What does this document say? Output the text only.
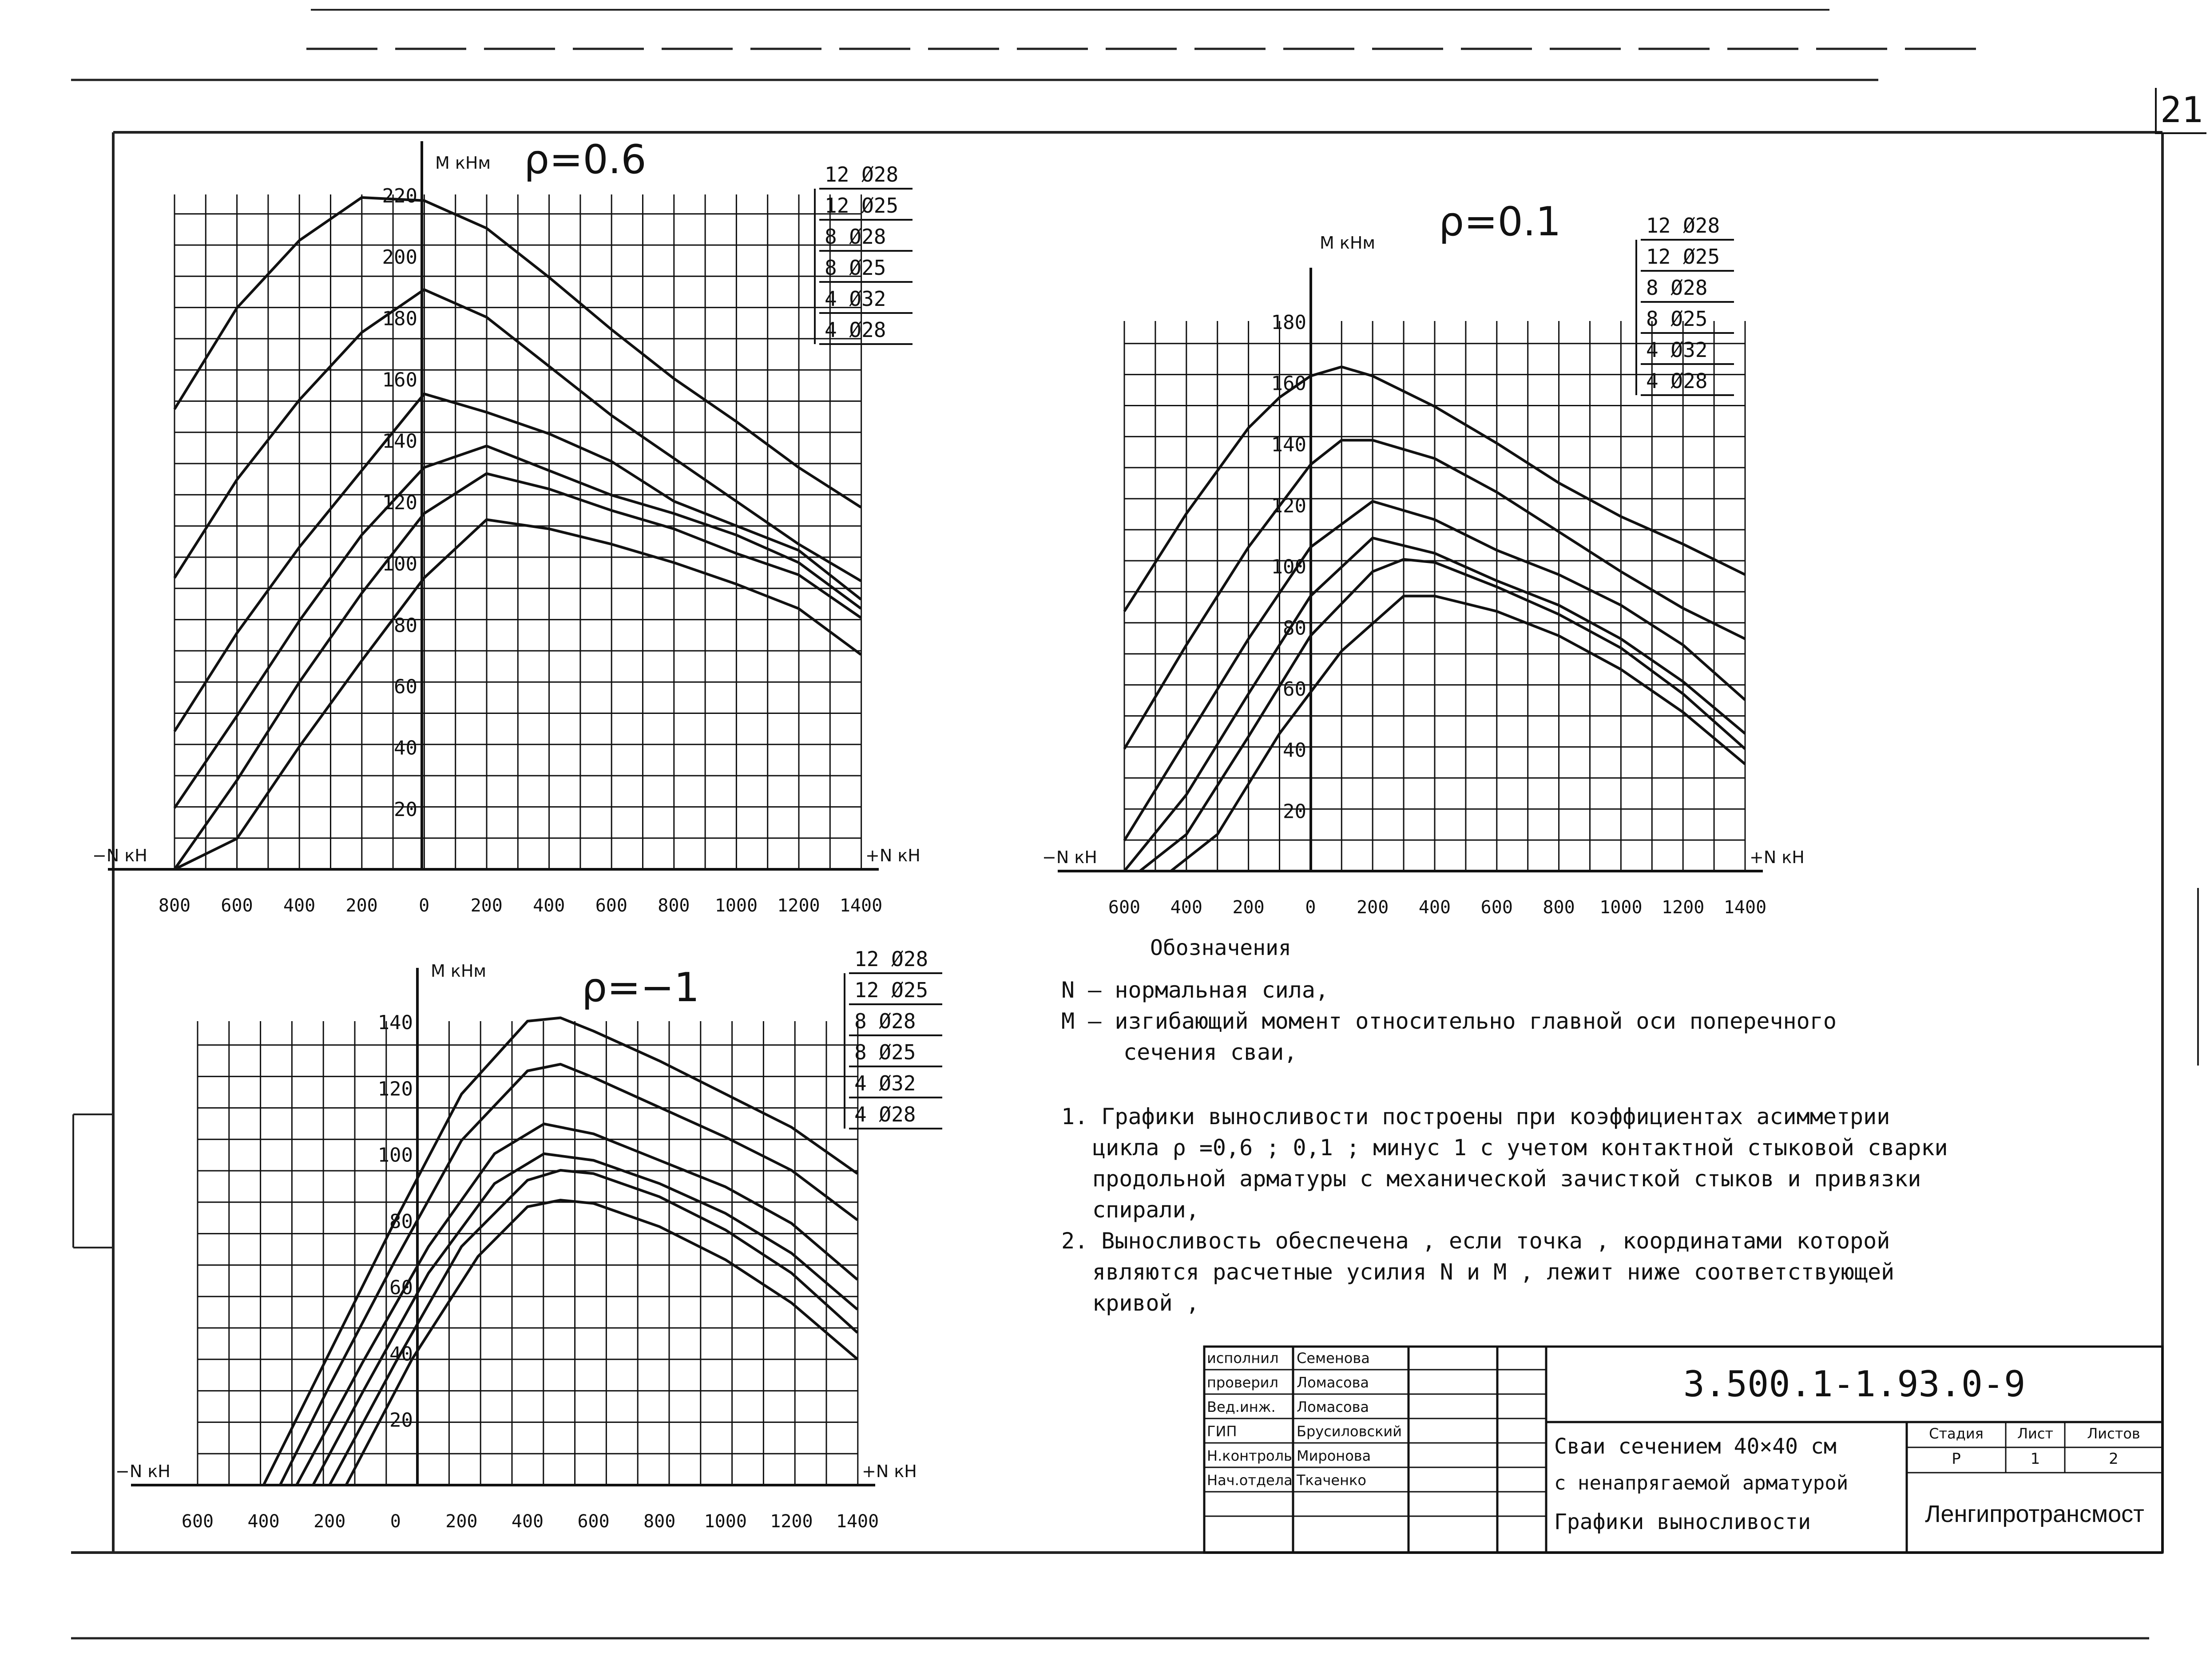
20
40
60
80
100
120
140
160
180
200
220
800 600 400 200 0 200 400 600 800 1000 1200 1400
−N кН	+N кН
М кНм ρ=0.6	12 Ø28
12 Ø25
8 Ø28
8 Ø25
4 Ø32
4 Ø28
20
40
60
80
100
120
140
160
180
600 400 200 0 200 400 600 800 1000 1200 1400
−N кН	+N кН
М кНм ρ=0.1	12 Ø28
12 Ø25
8 Ø28
8 Ø25
4 Ø32
4 Ø28
20
40
60
80
100
120
140
600 400 200	0	200 400 600 800 1000 1200 1400
−N кН	+N кН
М кНм ρ=−1
12 Ø28
12 Ø25
8 Ø28
8 Ø25
4 Ø32
4 Ø28
21
Обозначения
N – нормальная сила,
М – изгибающий момент относительно главной оси поперечного
сечения сваи,
1. Графики выносливости построены при коэффициентах асимметрии
цикла ρ =0,6 ; 0,1 ; минус 1 с учетом контактной стыковой сварки
продольной арматуры с механической зачисткой стыков и привязки
спирали,
2. Выносливость обеспечена , если точка , координатами которой
являются расчетные усилия N и М , лежит ниже соответствующей
кривой ,
исполнил Семенова
проверил Ломасова
Вед.инж. Ломасова
ГИП	Брусиловский
Н.контроль Миронова
Нач.отдела Ткаченко
3.500.1-1.93.0-9
Сваи сечением 40×40 см
с ненапрягаемой арматурой
Графики выносливости
Стадия	Лист	Листов
Р	1	2
Ленгипротрансмост
